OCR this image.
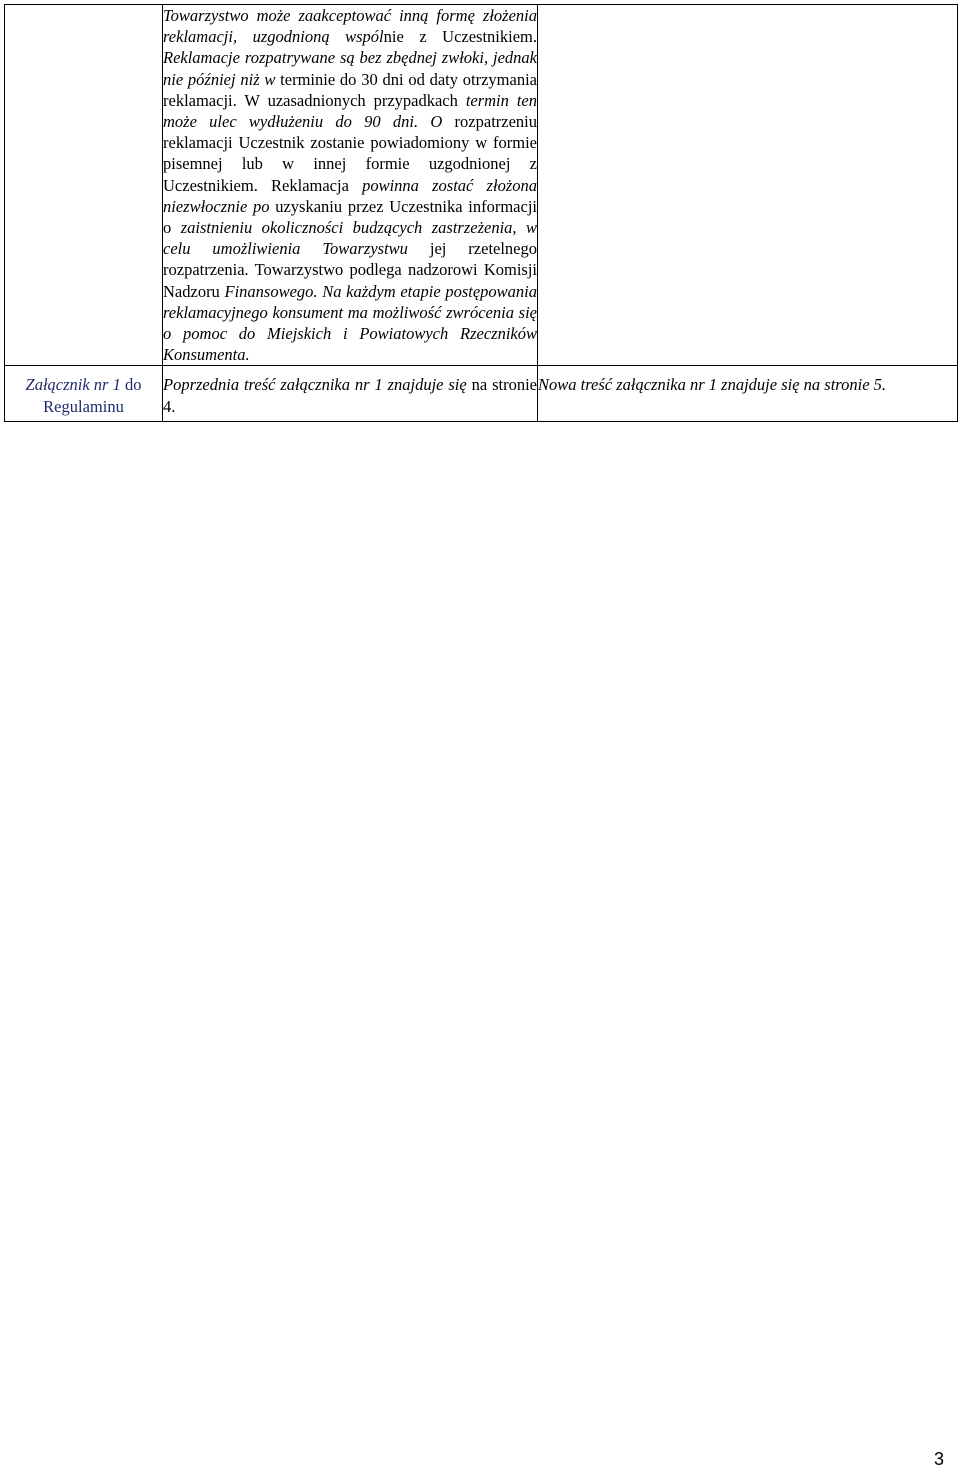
	Towarzystwo może zaakceptować inną formę złożenia reklamacji, uzgodnioną wspólnie z Uczestnikiem. Reklamacje rozpatrywane są bez zbędnej zwłoki, jednak nie później niż w terminie do 30 dni od daty otrzymania reklamacji. W uzasadnionych przypadkach termin ten może ulec wydłużeniu do 90 dni. O rozpatrzeniu reklamacji Uczestnik zostanie powiadomiony w formie pisemnej lub w innej formie uzgodnionej z Uczestnikiem. Reklamacja powinna zostać złożona niezwłocznie po uzyskaniu przez Uczestnika informacji o zaistnieniu okoliczności budzących zastrzeżenia, w celu umożliwienia Towarzystwu jej rzetelnego rozpatrzenia. Towarzystwo podlega nadzorowi Komisji Nadzoru Finansowego. Na każdym etapie postępowania reklamacyjnego konsument ma możliwość zwrócenia się o pomoc do Miejskich i Powiatowych Rzeczników Konsumenta.	
Załącznik nr 1 do Regulaminu	Poprzednia treść załącznika nr 1 znajduje się na stronie 4.	Nowa treść załącznika nr 1 znajduje się na stronie 5.
3
